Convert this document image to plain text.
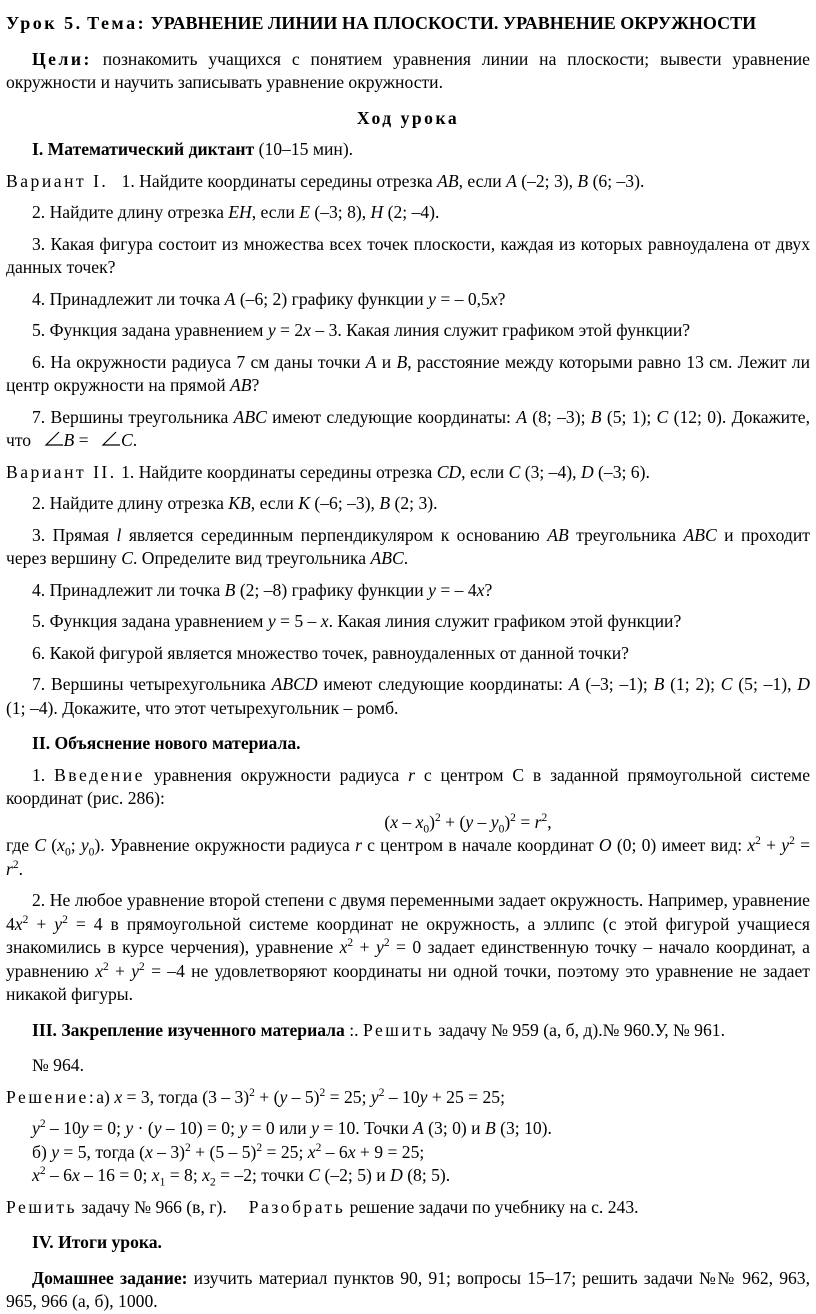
Урок 5. Тема: УРАВНЕНИЕ ЛИНИИ НА ПЛОСКОСТИ. УРАВНЕНИЕ ОКРУЖНОСТИ

Цели: познакомить учащихся с понятием уравнения линии на плоскости; вывести уравнение окружности и научить записывать уравнение окружности.

Ход урока

I. Математический диктант (10–15 мин).

Вариант I. 1. Найдите координаты середины отрезка AB, если A (–2; 3), B (6; –3).

2. Найдите длину отрезка EH, если E (–3; 8), H (2; –4).

3. Какая фигура состоит из множества всех точек плоскости, каждая из которых равноудалена от двух данных точек?

4. Принадлежит ли точка A (–6; 2) графику функции y = – 0,5x?

5. Функция задана уравнением y = 2x – 3. Какая линия служит графиком этой функции?

6. На окружности радиуса 7 см даны точки A и B, расстояние между которыми равно 13 см. Лежит ли центр окружности на прямой AB?

7. Вершины треугольника ABC имеют следующие координаты: A (8; –3); B (5; 1); C (12; 0). Докажите, что B = C.

Вариант II. 1. Найдите координаты середины отрезка CD, если C (3; –4), D (–3; 6).

2. Найдите длину отрезка KB, если K (–6; –3), B (2; 3).

3. Прямая l является серединным перпендикуляром к основанию AB треугольника ABC и проходит через вершину C. Определите вид треугольника ABC.

4. Принадлежит ли точка B (2; –8) графику функции y = – 4x?

5. Функция задана уравнением y = 5 – x. Какая линия служит графиком этой функции?

6. Какой фигурой является множество точек, равноудаленных от данной точки?

7. Вершины четырехугольника ABCD имеют следующие координаты: A (–3; –1); B (1; 2); C (5; –1), D (1; –4). Докажите, что этот четырехугольник – ромб.

II. Объяснение нового материала.

1. Введение уравнения окружности радиуса r с центром С в заданной прямоугольной системе координат (рис. 286):

$(x - x_0)^2 + (y - y_0)^2 = r^2$,

где C ($x_0$; $y_0$). Уравнение окружности радиуса r с центром в начале координат O (0; 0) имеет вид: $x^2 + y^2 = r^2$.

2. Не любое уравнение второй степени с двумя переменными задает окружность. Например, уравнение $4x^2 + y^2 = 4$ в прямоугольной системе координат не окружность, а эллипс (с этой фигурой учащиеся знакомились в курсе черчения), уравнение $x^2 + y^2 = 0$ задает единственную точку – начало координат, а уравнению $x^2 + y^2 = -4$ не удовлетворяют координаты ни одной точки, поэтому это уравнение не задает никакой фигуры.

III. Закрепление изученного материала :. Решить задачу № 959 (а, б, д).№ 960.У, № 961.

№ 964.

Решение:а) x = 3, тогда (3 – 3)$^2$ + (y – 5)$^2$ = 25; $y^2 - 10y + 25 = 25$;

$y^2 - 10y = 0$; y · (y – 10) = 0; y = 0 или y = 10. Точки A (3; 0) и B (3; 10).

б) y = 5, тогда (x – 3)$^2$ + (5 – 5)$^2$ = 25; $x^2 - 6x + 9 = 25$;

$x^2 - 6x - 16 = 0$; $x_1 = 8$; $x_2 = -2$; точки C (–2; 5) и D (8; 5).

Решить задачу № 966 (в, г). Разобрать решение задачи по учебнику на с. 243.

IV. Итоги урока.

Домашнее задание: изучить материал пунктов 90, 91; вопросы 15–17; решить задачи №№ 962, 963, 965, 966 (а, б), 1000.
